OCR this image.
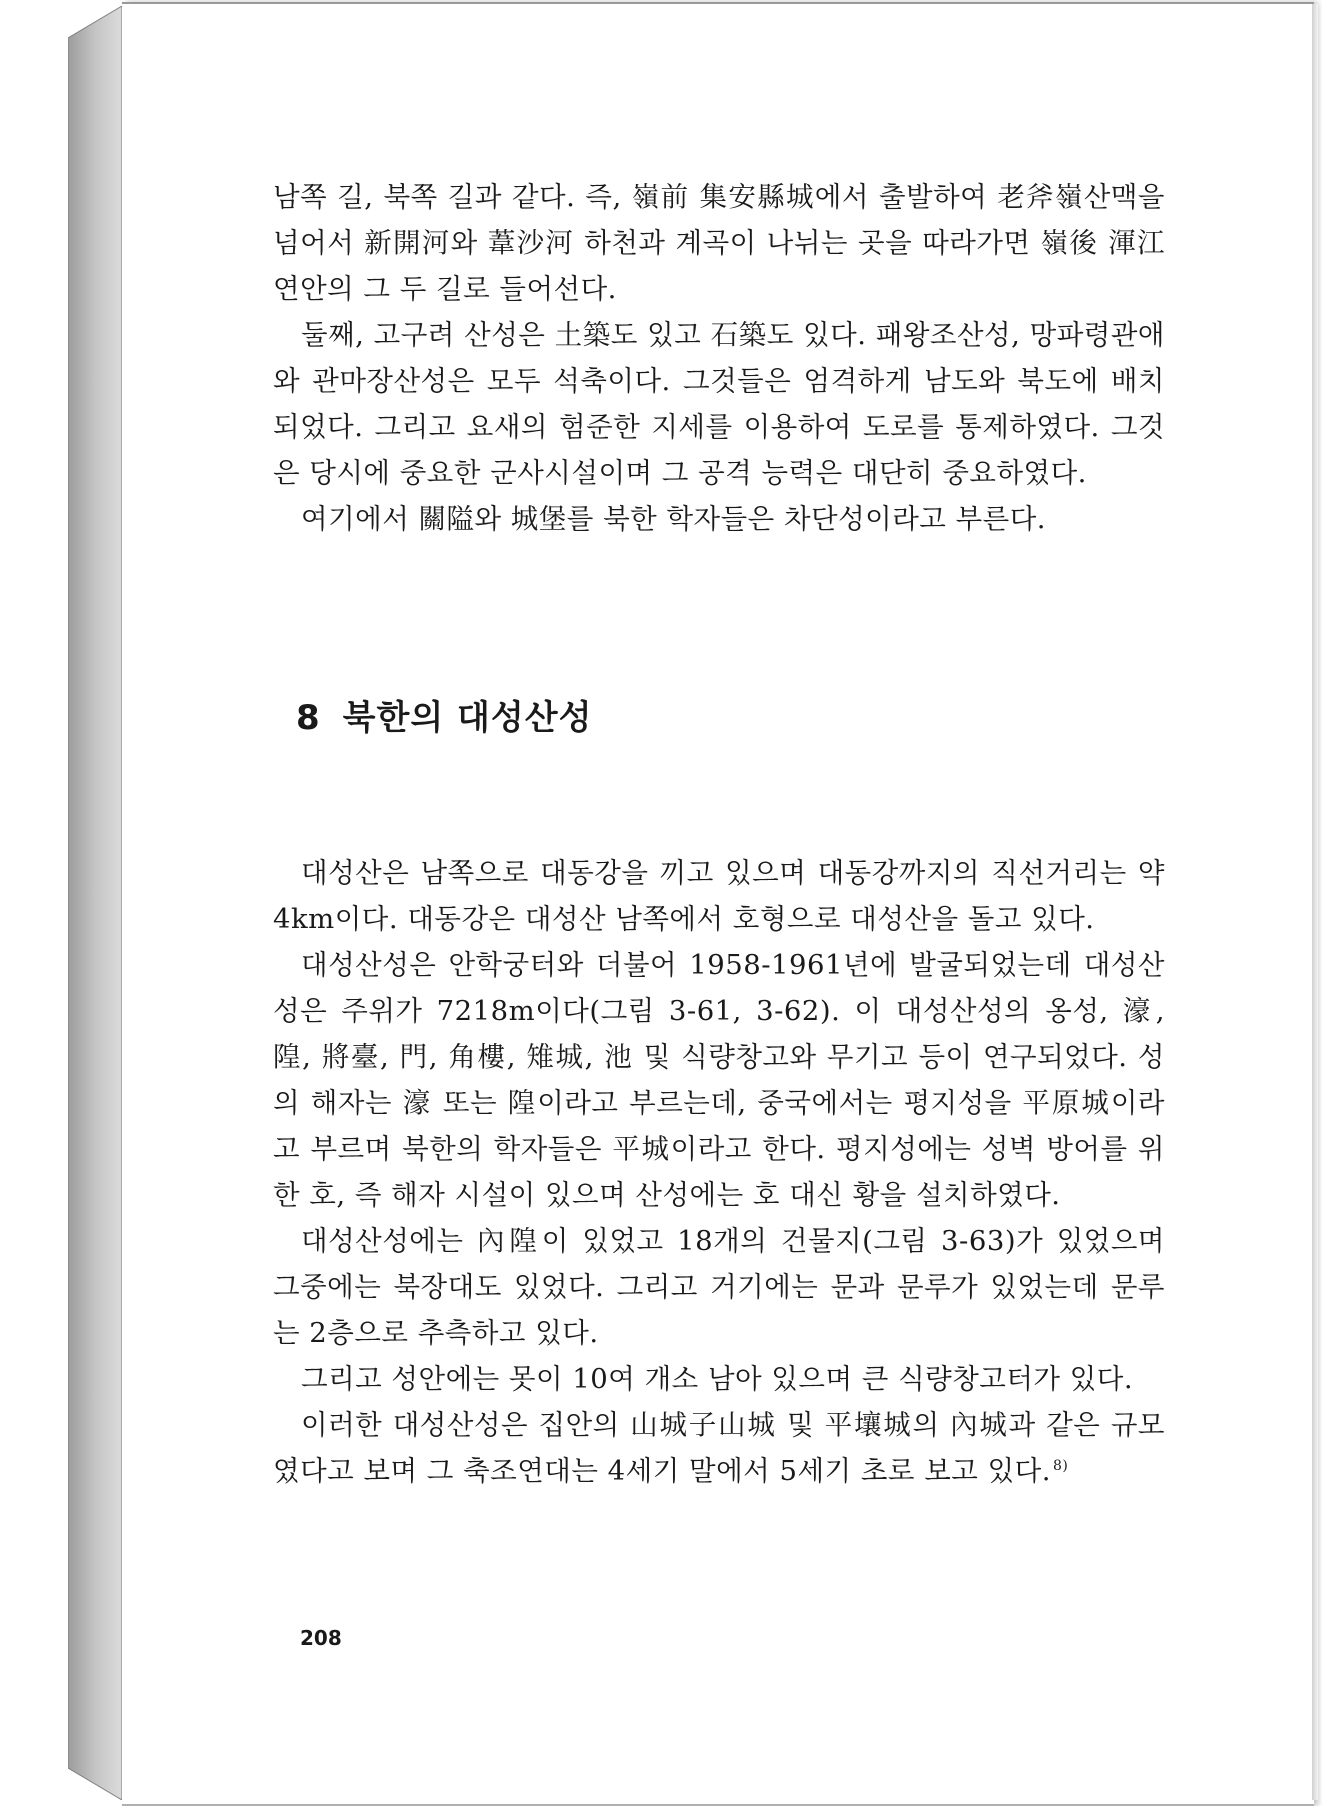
남쪽 길, 북쪽 길과 같다. 즉, 嶺前 集安縣城에서 출발하여 老斧嶺산맥을 넘어서 新開河와 葦沙河 하천과 계곡이 나뉘는 곳을 따라가면 嶺後 渾江 연안의 그 두 길로 들어선다.

둘째, 고구려 산성은 土築도 있고 石築도 있다. 패왕조산성, 망파령관애와 관마장산성은 모두 석축이다. 그것들은 엄격하게 남도와 북도에 배치되었다. 그리고 요새의 험준한 지세를 이용하여 도로를 통제하였다. 그것은 당시에 중요한 군사시설이며 그 공격 능력은 대단히 중요하였다.

여기에서 關隘와 城堡를 북한 학자들은 차단성이라고 부른다.

8 북한의 대성산성

대성산은 남쪽으로 대동강을 끼고 있으며 대동강까지의 직선거리는 약 4km이다. 대동강은 대성산 남쪽에서 호형으로 대성산을 돌고 있다.

대성산성은 안학궁터와 더불어 1958-1961년에 발굴되었는데 대성산성은 주위가 7218m이다(그림 3-61, 3-62). 이 대성산성의 옹성, 濠, 隍, 將臺, 門, 角樓, 雉城, 池 및 식량창고와 무기고 등이 연구되었다. 성의 해자는 濠 또는 隍이라고 부르는데, 중국에서는 평지성을 平原城이라고 부르며 북한의 학자들은 平城이라고 한다. 평지성에는 성벽 방어를 위한 호, 즉 해자 시설이 있으며 산성에는 호 대신 황을 설치하였다.

대성산성에는 內隍이 있었고 18개의 건물지(그림 3-63)가 있었으며 그중에는 북장대도 있었다. 그리고 거기에는 문과 문루가 있었는데 문루는 2층으로 추측하고 있다.

그리고 성안에는 못이 10여 개소 남아 있으며 큰 식량창고터가 있다.

이러한 대성산성은 집안의 山城子山城 및 平壤城의 內城과 같은 규모였다고 보며 그 축조연대는 4세기 말에서 5세기 초로 보고 있다. $^{8)}$

208
